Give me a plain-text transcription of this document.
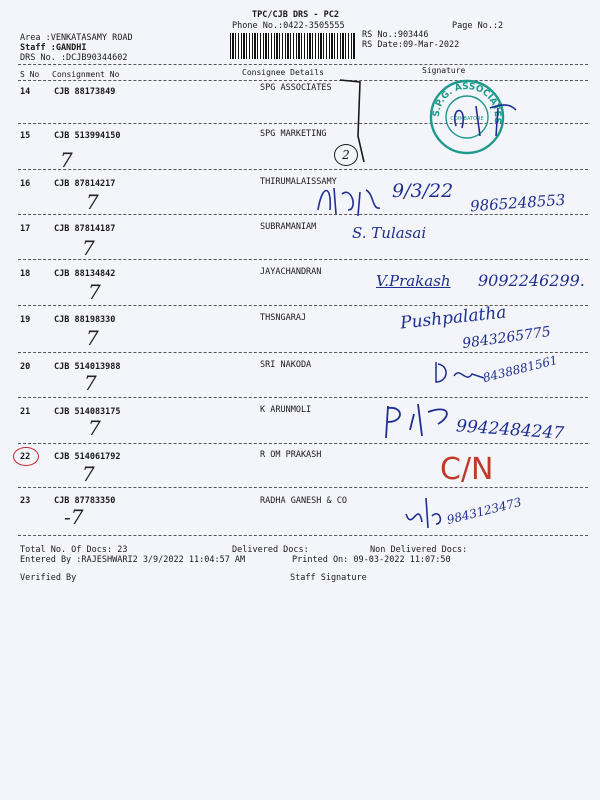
TPC/CJB DRS - PC2
Phone No.:0422-3505555	Page No.:2
Area :VENKATASAMY ROAD
Staff :GANDHI
DRS No. :DCJB90344602
RS No.:903446
RS Date:09-Mar-2022
S No Consignment No	Consignee Details	Signature
14	CJB 88173849	SPG ASSOCIATES
15	CJB 513994150	SPG MARKETING
16	CJB 87814217	THIRUMALAISSAMY
17	CJB 87814187	SUBRAMANIAM
18	CJB 88134842	JAYACHANDRAN
19	CJB 88198330	THSNGARAJ
20	CJB 514013988	SRI NAKODA
21	CJB 514083175	K ARUNMOLI
22	CJB 514061792	R OM PRAKASH
23	CJB 87783350	RADHA GANESH & CO
7
7
7
7
7
7
7
7
-7
2
S.P.G. ASSOCIATES
COIMBATORE
9/3/22 9865248553
S. Tulasai
V.Prakash 9092246299.
Pushpalatha
9843265775
8438881561
9942484247
C/N
9843123473
Total No. Of Docs: 23	Delivered Docs:	Non Delivered Docs:
Entered By :RAJESHWARI2 3/9/2022 11:04:57 AM	Printed On: 09-03-2022 11:07:50
Verified By	Staff Signature
